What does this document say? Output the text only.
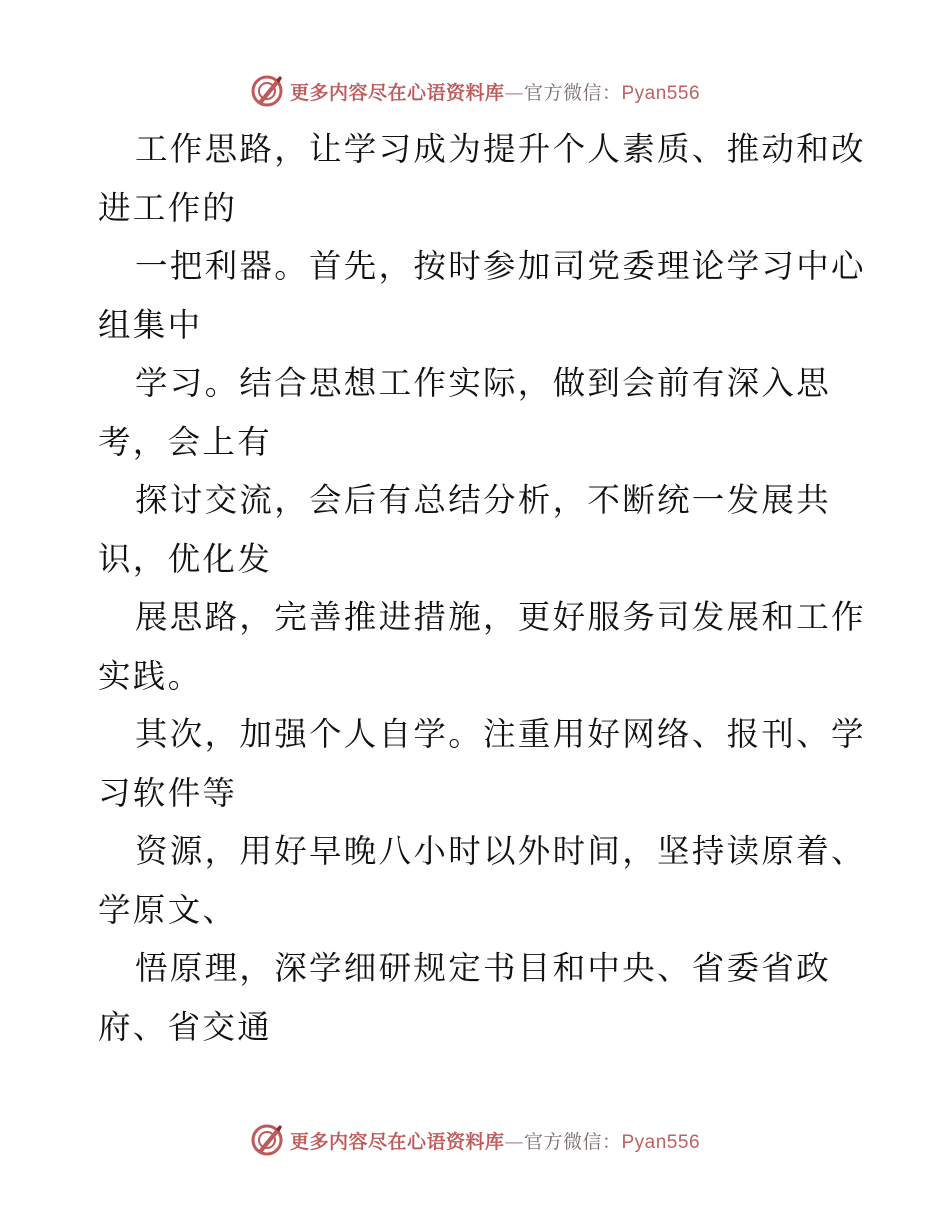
更多内容尽在心语资料库—官方微信：Pyan556
工作思路，让学习成为提升个人素质、推动和改
进工作的
一把利器。首先，按时参加司党委理论学习中心
组集中
学习。结合思想工作实际，做到会前有深入思
考，会上有
探讨交流，会后有总结分析，不断统一发展共
识，优化发
展思路，完善推进措施，更好服务司发展和工作
实践。
其次，加强个人自学。注重用好网络、报刊、学
习软件等
资源，用好早晚八小时以外时间，坚持读原着、
学原文、
悟原理，深学细研规定书目和中央、省委省政
府、省交通
更多内容尽在心语资料库—官方微信：Pyan556
